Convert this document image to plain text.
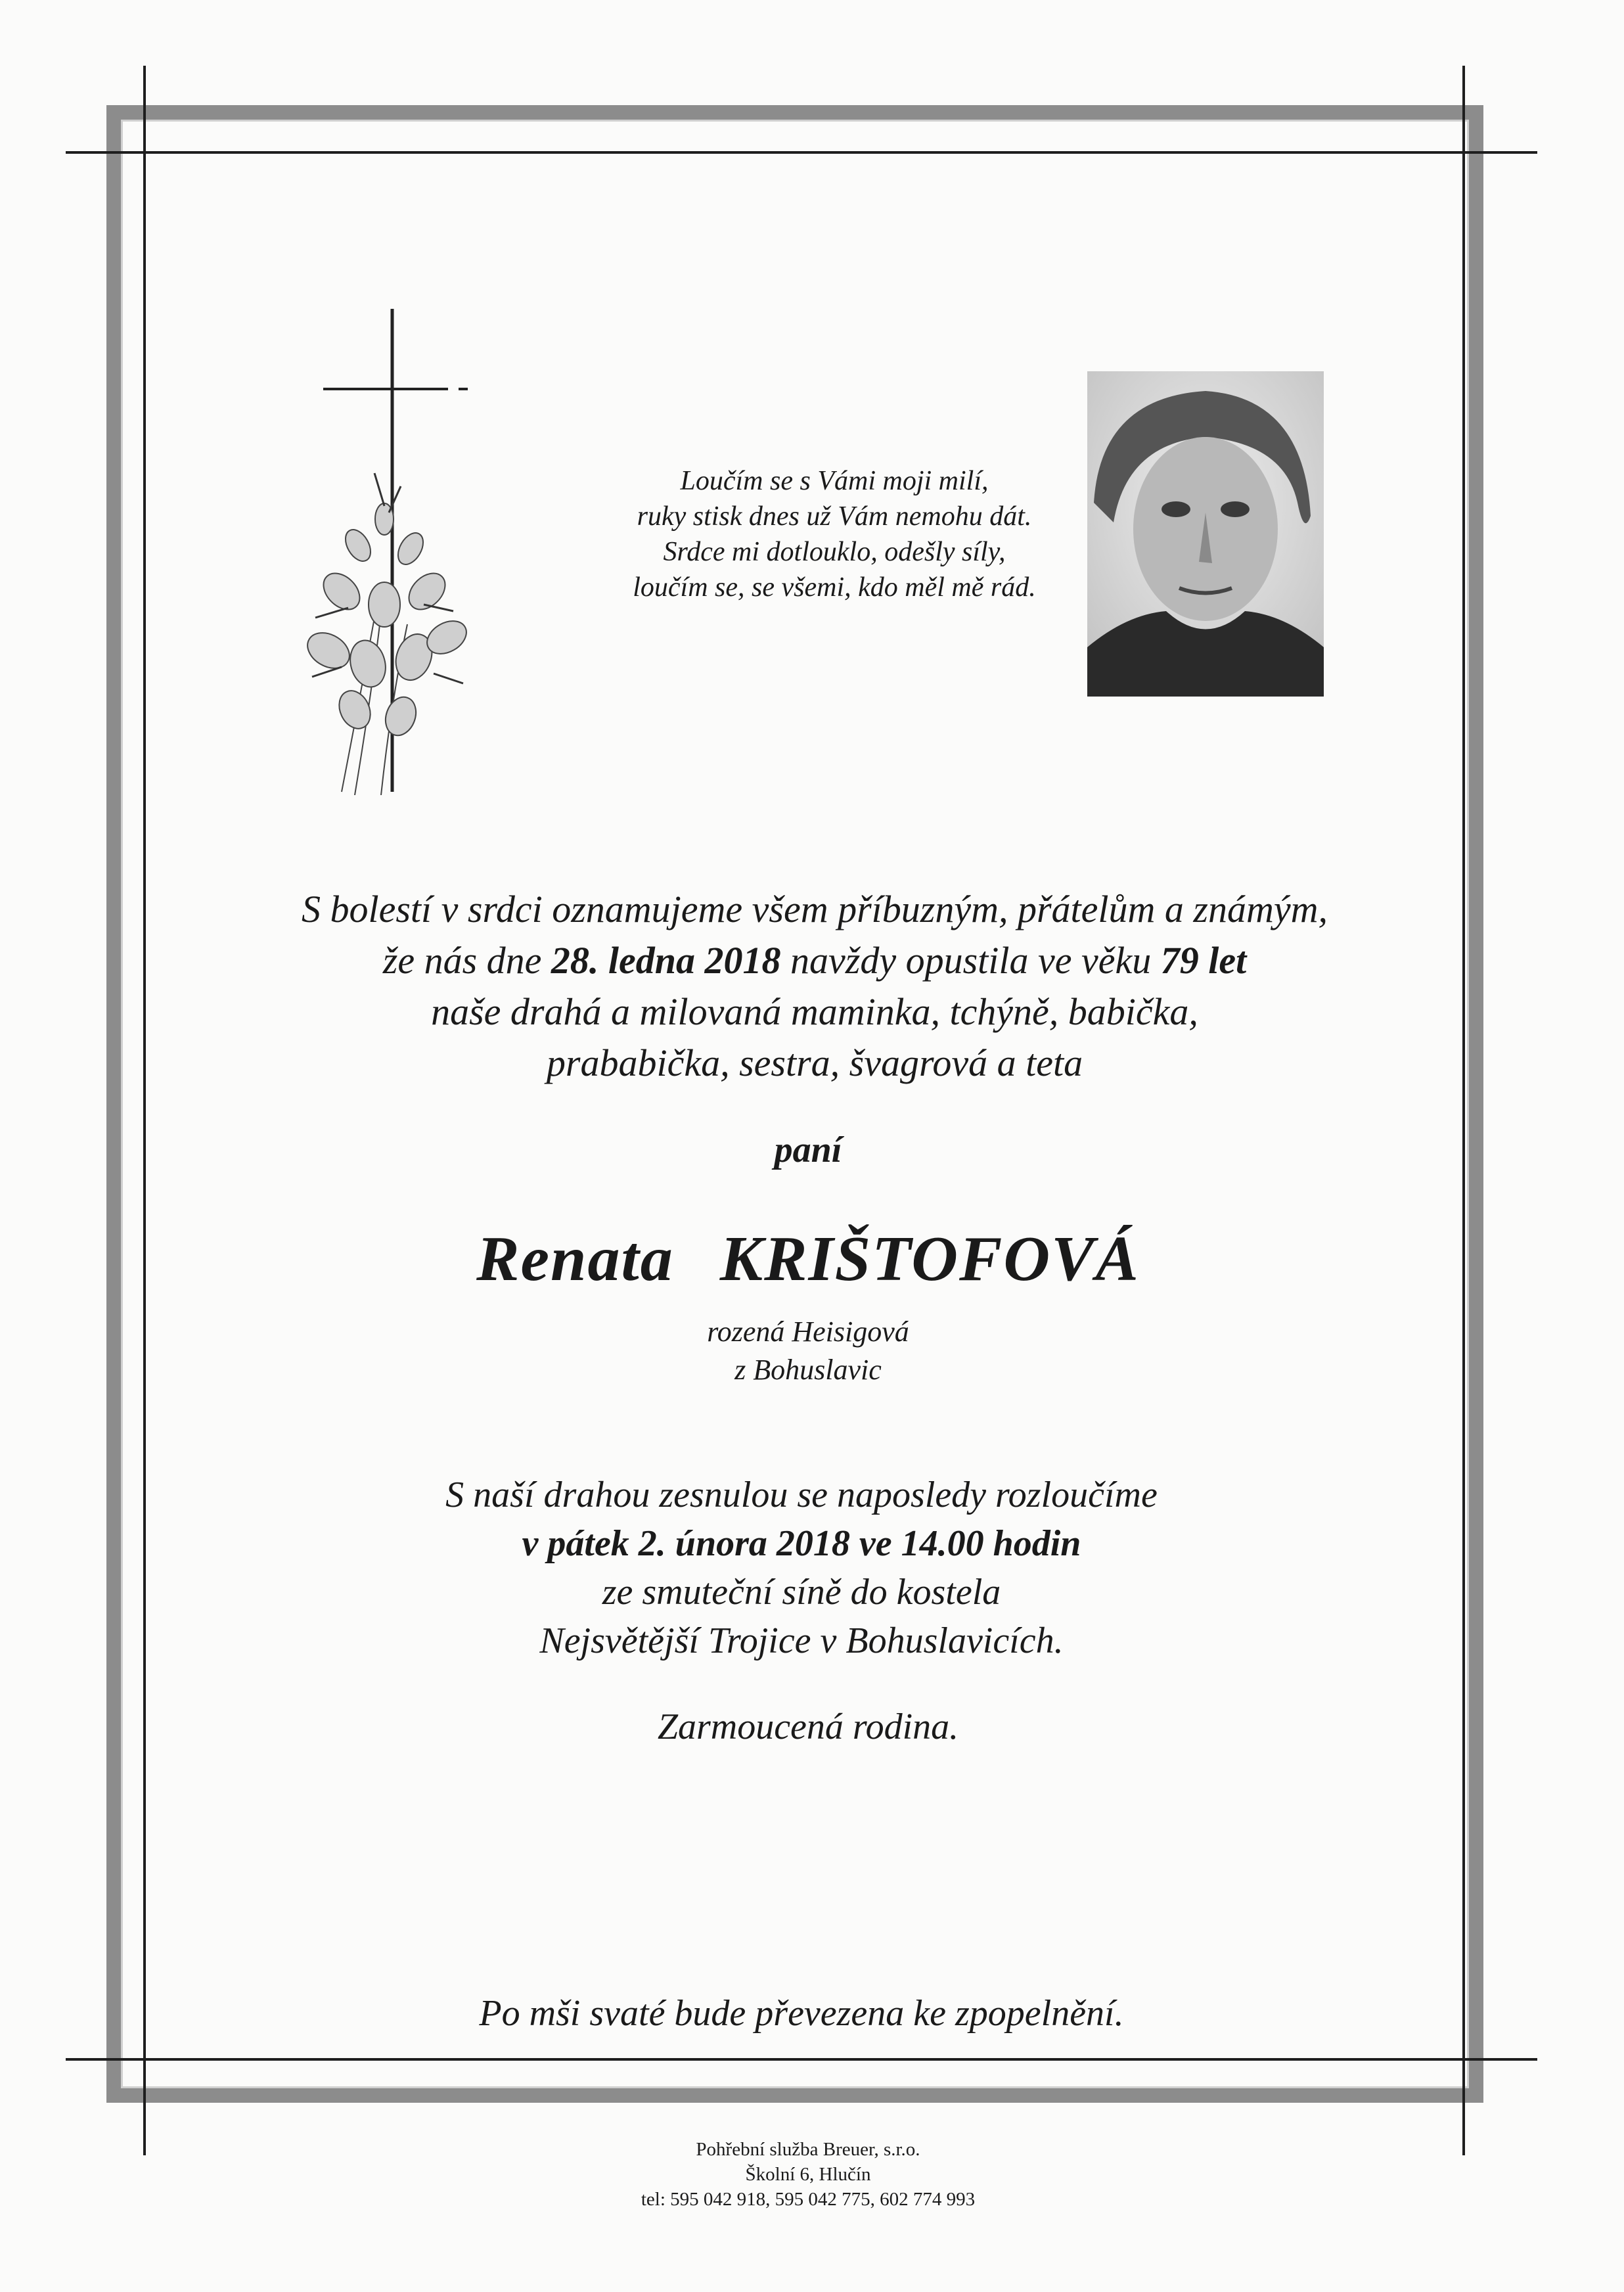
Loučím se s Vámi moji milí,
ruky stisk dnes už Vám nemohu dát.
Srdce mi dotlouklo, odešly síly,
loučím se, se všemi, kdo měl mě rád.
S bolestí v srdci oznamujeme všem příbuzným, přátelům a známým,
že nás dne 28. ledna 2018 navždy opustila ve věku 79 let
naše drahá a milovaná maminka, tchýně, babička,
prababička, sestra, švagrová a teta
paní
Renata KRIŠTOFOVÁ
rozená Heisigová
z Bohuslavic
S naší drahou zesnulou se naposledy rozloučíme
v pátek 2. února 2018 ve 14.00 hodin
ze smuteční síně do kostela
Nejsvětější Trojice v Bohuslavicích.
Zarmoucená rodina.
Po mši svaté bude převezena ke zpopelnění.
Pohřební služba Breuer, s.r.o.
Školní 6, Hlučín
tel: 595 042 918, 595 042 775, 602 774 993
